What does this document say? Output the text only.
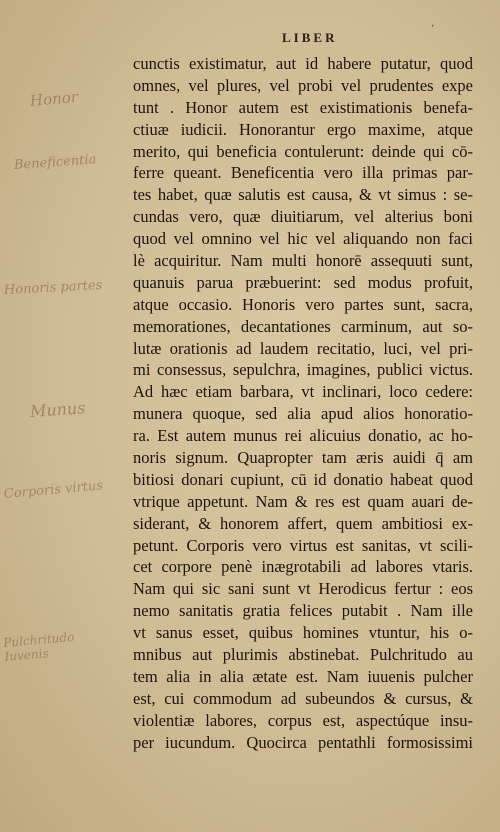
LIBER
´
Honor
Beneficentia
Honoris partes
Munus
Corporis virtus
Pulchritudo
Iuvenis
cunctis existimatur, aut id habere putatur, quod
omnes, vel plures, vel probi vel prudentes expe
tunt . Honor autem est existimationis benefa-
ctiuæ iudicii. Honorantur ergo maxime, atque
merito, qui beneficia contulerunt: deinde qui cō-
ferre queant. Beneficentia vero illa primas par-
tes habet, quæ salutis est causa, & vt simus : se-
cundas vero, quæ diuitiarum, vel alterius boni
quod vel omnino vel hic vel aliquando non faci
lè acquiritur. Nam multi honorē assequuti sunt,
quanuis parua præbuerint: sed modus profuit,
atque occasio. Honoris vero partes sunt, sacra,
memorationes, decantationes carminum, aut so-
lutæ orationis ad laudem recitatio, luci, vel pri-
mi consessus, sepulchra, imagines, publici victus.
Ad hæc etiam barbara, vt inclinari, loco cedere:
munera quoque, sed alia apud alios honoratio-
ra. Est autem munus rei alicuius donatio, ac ho-
noris signum. Quapropter tam æris auidi q̄ am
bitiosi donari cupiunt, cū id donatio habeat quod
vtrique appetunt. Nam & res est quam auari de-
siderant, & honorem affert, quem ambitiosi ex-
petunt. Corporis vero virtus est sanitas, vt scili-
cet corpore penè inægrotabili ad labores vtaris.
Nam qui sic sani sunt vt Herodicus fertur : eos
nemo sanitatis gratia felices putabit . Nam ille
vt sanus esset, quibus homines vtuntur, his o-
mnibus aut plurimis abstinebat. Pulchritudo au
tem alia in alia ætate est. Nam iuuenis pulcher
est, cui commodum ad subeundos & cursus, &
violentiæ labores, corpus est, aspectúque insu-
per iucundum. Quocirca pentathli formosissimi
